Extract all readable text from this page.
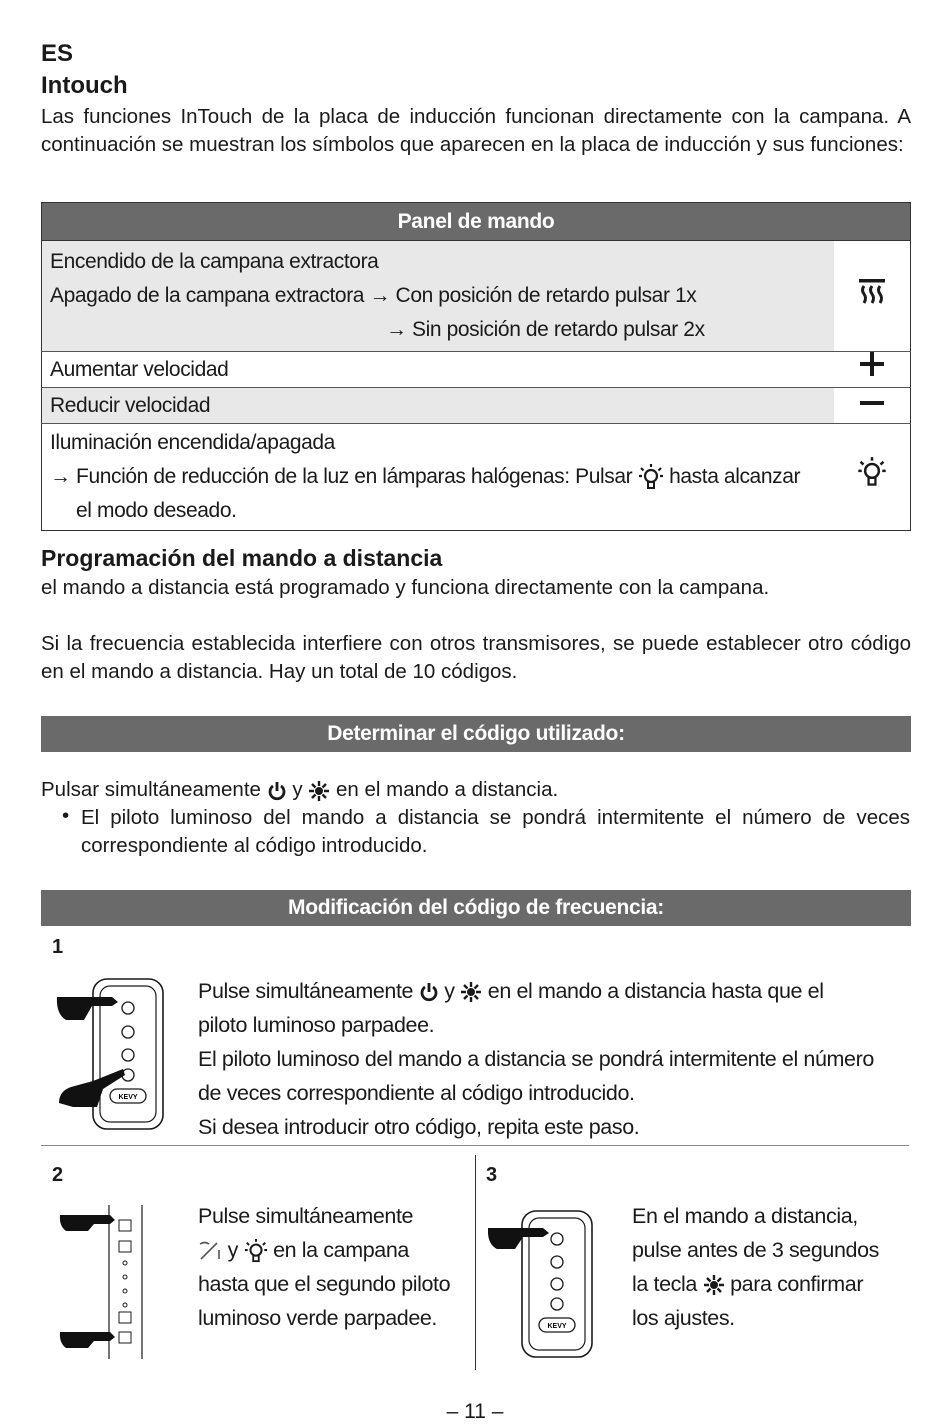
ES
Intouch
Las funciones InTouch de la placa de inducción funcionan directamente con la campana. A continuación se muestran los símbolos que aparecen en la placa de inducción y sus funciones:
Panel de mando	

Encendido de la campana extractora
Apagado de la campana extractora → Con posición de retardo pulsar 1x
→ Sin posición de retardo pulsar 2x

Aumentar velocidad	
Reducir velocidad	

Iluminación encendida/apagada
→ Función de reducción de la luz en lámparas halógenas: Pulsar hasta alcanzar
el modo deseado.

Programación del mando a distancia
el mando a distancia está programado y funciona directamente con la campana.
Si la frecuencia establecida interfiere con otros transmisores, se puede establecer otro código en el mando a distancia. Hay un total de 10 códigos.
Determinar el código utilizado:
Pulsar simultáneamente y en el mando a distancia.
• El piloto luminoso del mando a distancia se pondrá intermitente el número de veces correspondiente al código introducido.
Modificación del código de frecuencia:
1
KEVY
Pulse simultáneamente y en el mando a distancia hasta que el
piloto luminoso parpadee.
El piloto luminoso del mando a distancia se pondrá intermitente el número
de veces correspondiente al código introducido.
Si desea introducir otro código, repita este paso.
2
Pulse simultáneamente
y en la campana
hasta que el segundo piloto
luminoso verde parpadee.
3
KEVY
En el mando a distancia,
pulse antes de 3 segundos
la tecla para confirmar
los ajustes.
– 11 –
